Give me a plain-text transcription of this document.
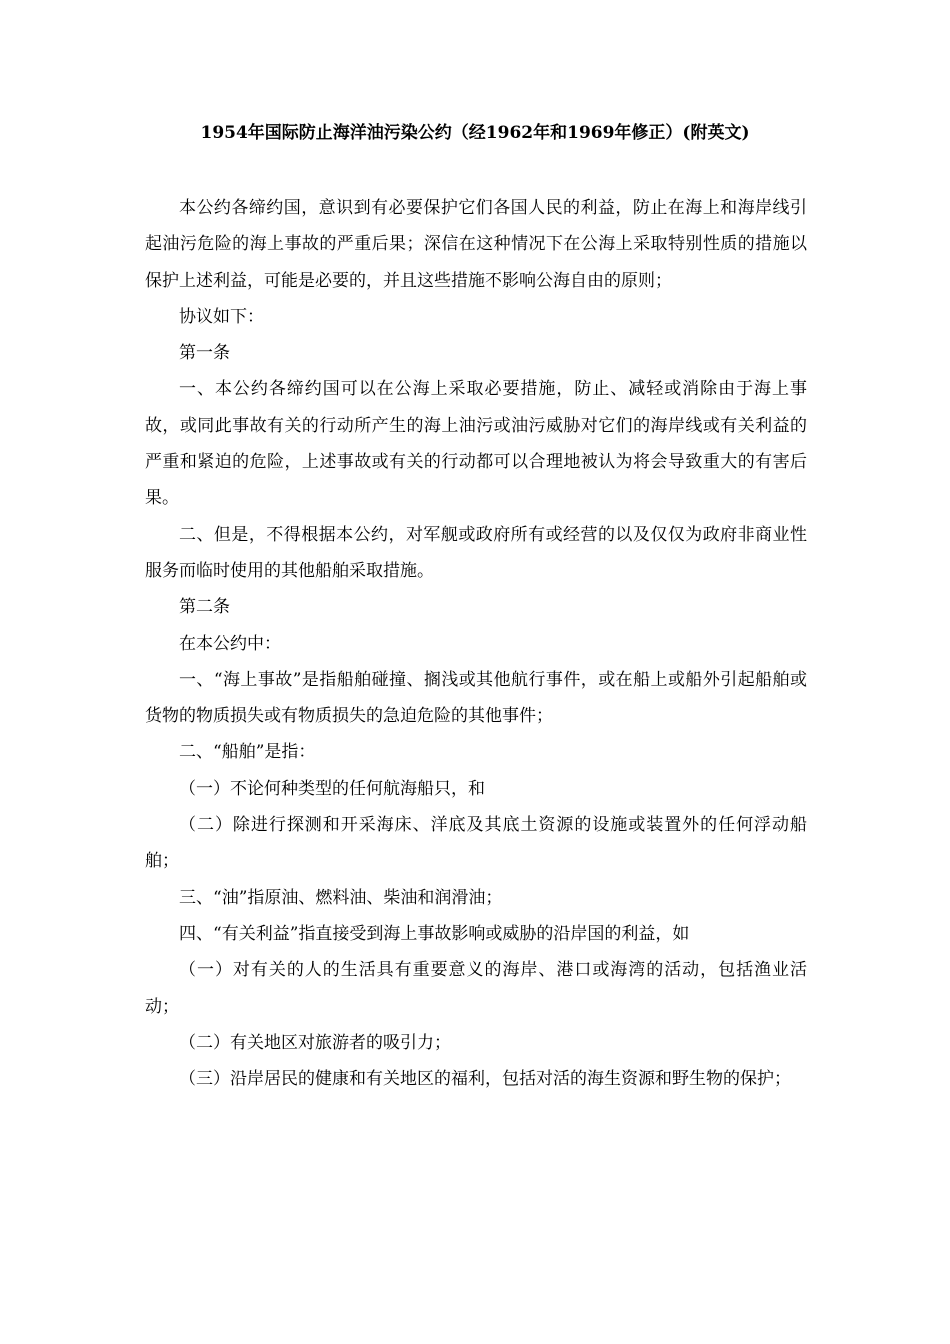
1954年国际防止海洋油污染公约（经1962年和1969年修正）(附英文)

本公约各缔约国，意识到有必要保护它们各国人民的利益，防止在海上和海岸线引起油污危险的海上事故的严重后果；深信在这种情况下在公海上采取特别性质的措施以保护上述利益，可能是必要的，并且这些措施不影响公海自由的原则；

协议如下：

第一条

一、本公约各缔约国可以在公海上采取必要措施，防止、减轻或消除由于海上事故，或同此事故有关的行动所产生的海上油污或油污威胁对它们的海岸线或有关利益的严重和紧迫的危险，上述事故或有关的行动都可以合理地被认为将会导致重大的有害后果。

二、但是，不得根据本公约，对军舰或政府所有或经营的以及仅仅为政府非商业性服务而临时使用的其他船舶采取措施。

第二条

在本公约中：

一、“海上事故”是指船舶碰撞、搁浅或其他航行事件，或在船上或船外引起船舶或货物的物质损失或有物质损失的急迫危险的其他事件；

二、“船舶”是指：

（一）不论何种类型的任何航海船只，和

（二）除进行探测和开采海床、洋底及其底土资源的设施或装置外的任何浮动船舶；

三、“油”指原油、燃料油、柴油和润滑油；

四、“有关利益”指直接受到海上事故影响或威胁的沿岸国的利益，如

（一）对有关的人的生活具有重要意义的海岸、港口或海湾的活动，包括渔业活动；

（二）有关地区对旅游者的吸引力；

（三）沿岸居民的健康和有关地区的福利，包括对活的海生资源和野生物的保护；
